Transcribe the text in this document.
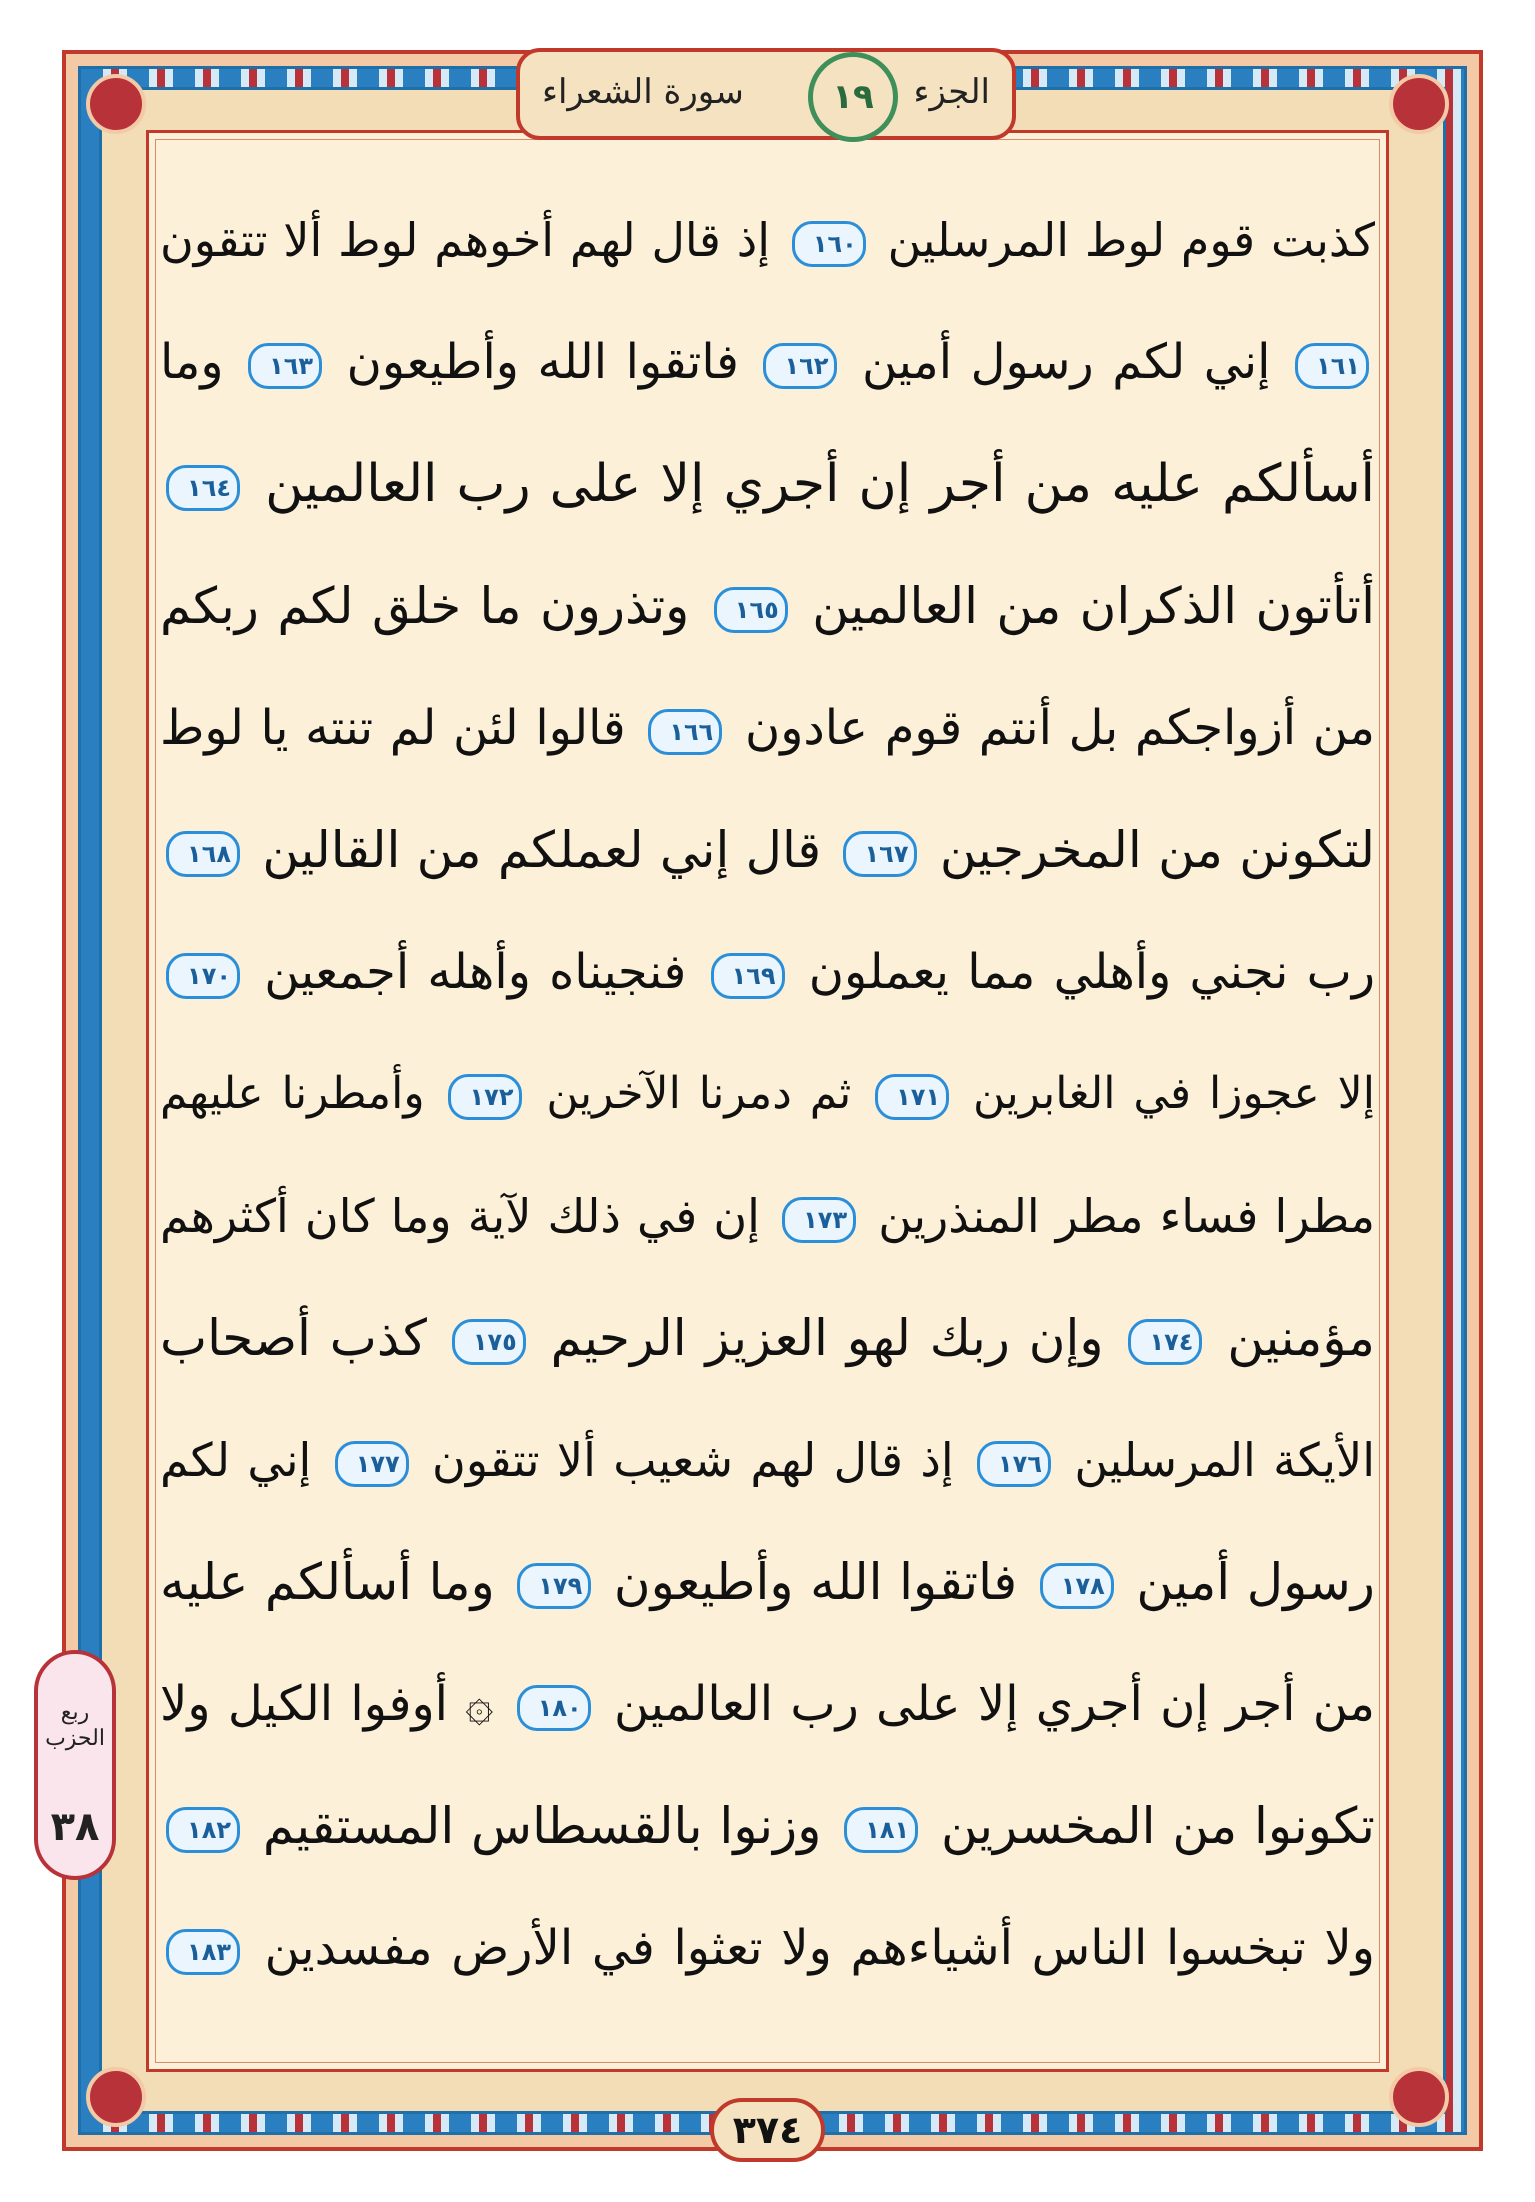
الجزء
سورة الشعراء	١٩
كذبت قوم لوط المرسلين ١٦٠ إذ قال لهم أخوهم لوط ألا تتقون
١٦١ إني لكم رسول أمين ١٦٢ فاتقوا الله وأطيعون ١٦٣ وما
أسألكم عليه من أجر إن أجري إلا على رب العالمين ١٦٤
أتأتون الذكران من العالمين ١٦٥ وتذرون ما خلق لكم ربكم
من أزواجكم بل أنتم قوم عادون ١٦٦ قالوا لئن لم تنته يا لوط
لتكونن من المخرجين ١٦٧ قال إني لعملكم من القالين ١٦٨
رب نجني وأهلي مما يعملون ١٦٩ فنجيناه وأهله أجمعين ١٧٠
إلا عجوزا في الغابرين ١٧١ ثم دمرنا الآخرين ١٧٢ وأمطرنا عليهم
مطرا فساء مطر المنذرين ١٧٣ إن في ذلك لآية وما كان أكثرهم
مؤمنين ١٧٤ وإن ربك لهو العزيز الرحيم ١٧٥ كذب أصحاب
الأيكة المرسلين ١٧٦ إذ قال لهم شعيب ألا تتقون ١٧٧ إني لكم
رسول أمين ١٧٨ فاتقوا الله وأطيعون ١٧٩ وما أسألكم عليه
من أجر إن أجري إلا على رب العالمين ١٨٠ ۞ أوفوا الكيل ولا
تكونوا من المخسرين ١٨١ وزنوا بالقسطاس المستقيم ١٨٢
ولا تبخسوا الناس أشياءهم ولا تعثوا في الأرض مفسدين ١٨٣
ربع الحزب
٣٨
٣٧٤
